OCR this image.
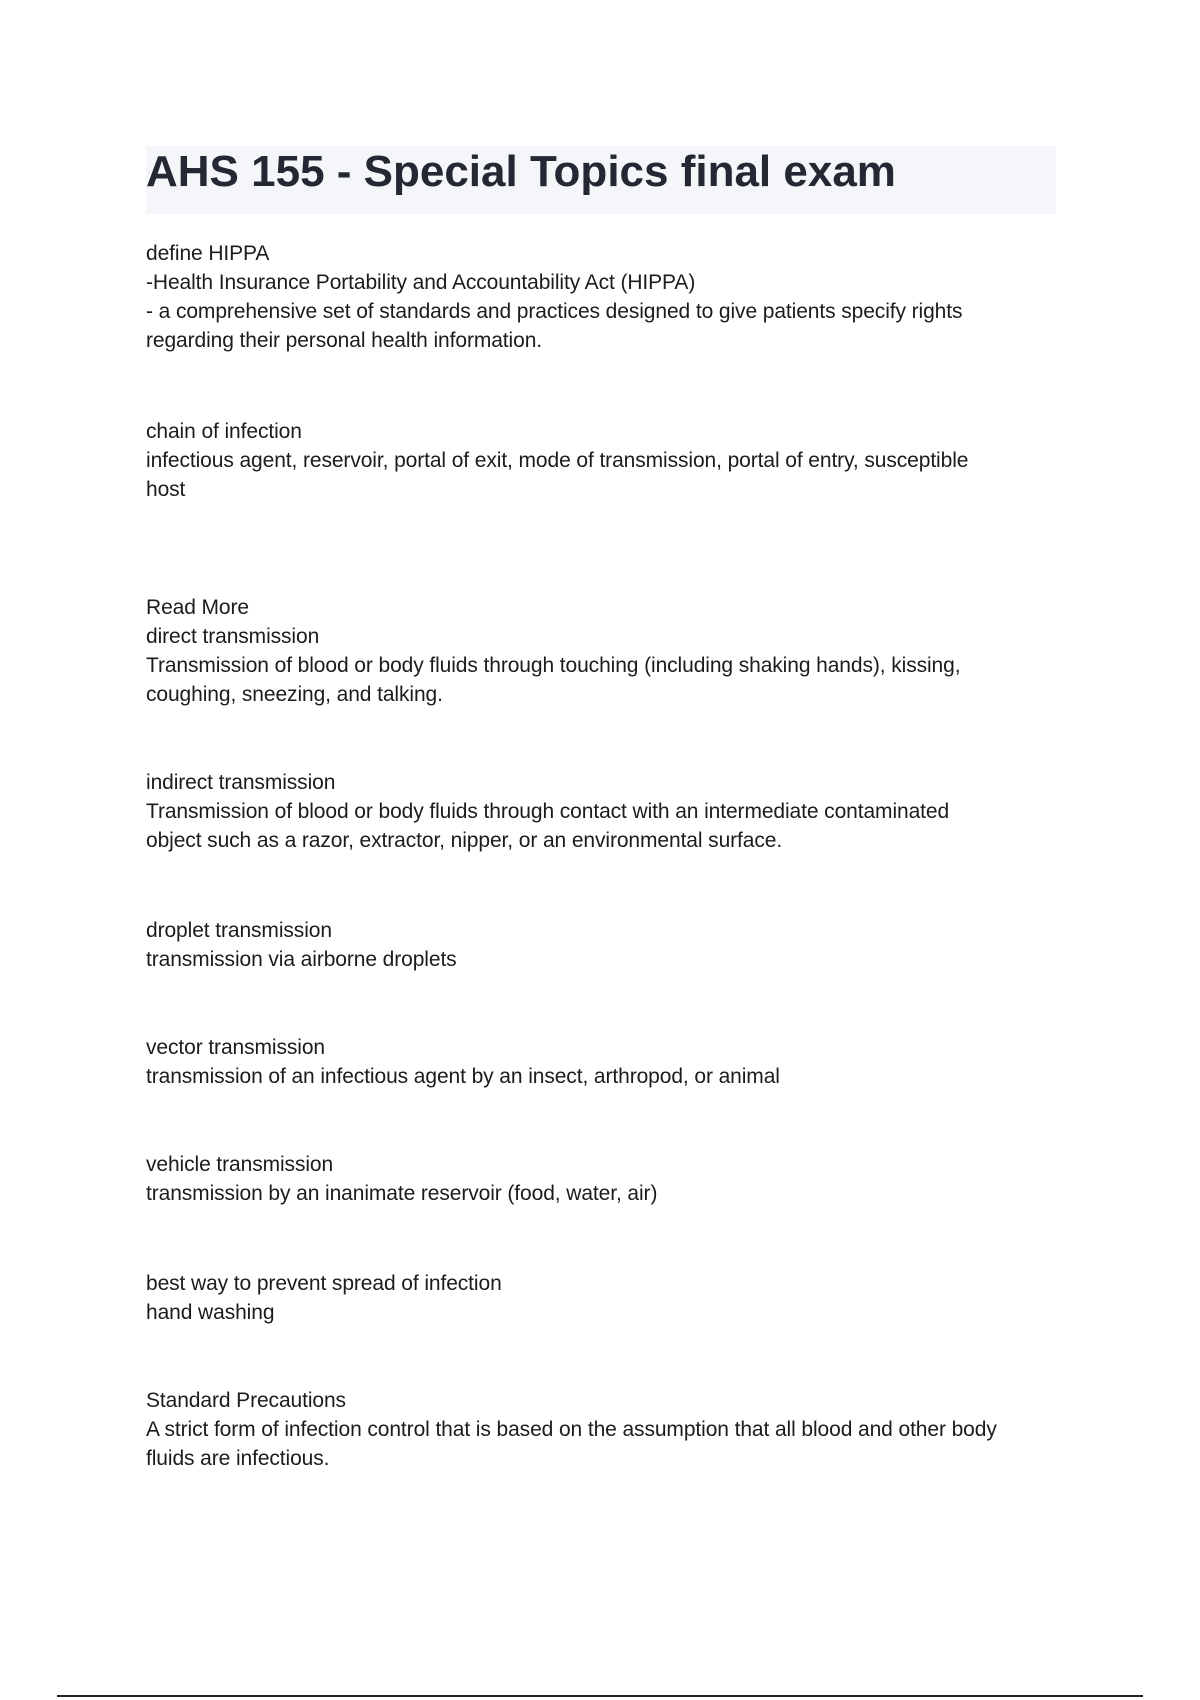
AHS 155 - Special Topics final exam
define HIPPA
-Health Insurance Portability and Accountability Act (HIPPA)
- a comprehensive set of standards and practices designed to give patients specify rights
regarding their personal health information.
chain of infection
infectious agent, reservoir, portal of exit, mode of transmission, portal of entry, susceptible
host
Read More
direct transmission
Transmission of blood or body fluids through touching (including shaking hands), kissing,
coughing, sneezing, and talking.
indirect transmission
Transmission of blood or body fluids through contact with an intermediate contaminated
object such as a razor, extractor, nipper, or an environmental surface.
droplet transmission
transmission via airborne droplets
vector transmission
transmission of an infectious agent by an insect, arthropod, or animal
vehicle transmission
transmission by an inanimate reservoir (food, water, air)
best way to prevent spread of infection
hand washing
Standard Precautions
A strict form of infection control that is based on the assumption that all blood and other body
fluids are infectious.
